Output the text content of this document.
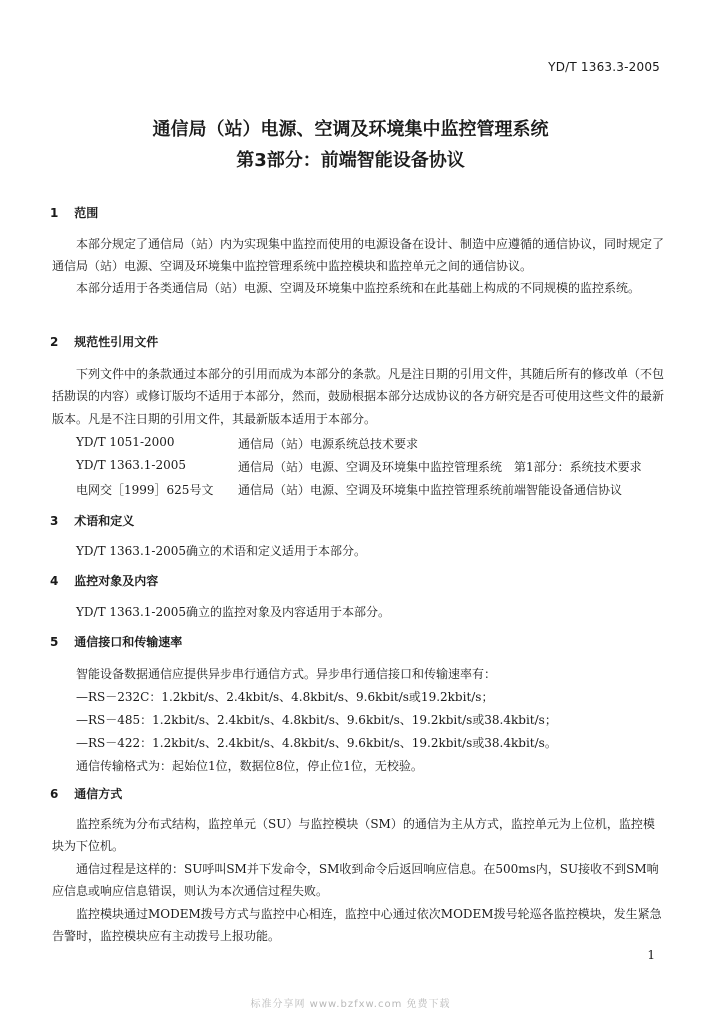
YD/T 1363.3-2005
通信局（站）电源、空调及环境集中监控管理系统
第3部分：前端智能设备协议
1 范围
本部分规定了通信局（站）内为实现集中监控而使用的电源设备在设计、制造中应遵循的通信协议，同时规定了通信局（站）电源、空调及环境集中监控管理系统中监控模块和监控单元之间的通信协议。
本部分适用于各类通信局（站）电源、空调及环境集中监控系统和在此基础上构成的不同规模的监控系统。
2 规范性引用文件
下列文件中的条款通过本部分的引用而成为本部分的条款。凡是注日期的引用文件，其随后所有的修改单（不包括勘误的内容）或修订版均不适用于本部分，然而，鼓励根据本部分达成协议的各方研究是否可使用这些文件的最新版本。凡是不注日期的引用文件，其最新版本适用于本部分。
YD/T 1051-2000	通信局（站）电源系统总技术要求
YD/T 1363.1-2005	通信局（站）电源、空调及环境集中监控管理系统　第1部分：系统技术要求
电网交［1999］625号文 通信局（站）电源、空调及环境集中监控管理系统前端智能设备通信协议
3 术语和定义
YD/T 1363.1-2005确立的术语和定义适用于本部分。
4 监控对象及内容
YD/T 1363.1-2005确立的监控对象及内容适用于本部分。
5 通信接口和传输速率
智能设备数据通信应提供异步串行通信方式。异步串行通信接口和传输速率有：
—RS－232C：1.2kbit/s、2.4kbit/s、4.8kbit/s、9.6kbit/s或19.2kbit/s；
—RS－485：1.2kbit/s、2.4kbit/s、4.8kbit/s、9.6kbit/s、19.2kbit/s或38.4kbit/s；
—RS－422：1.2kbit/s、2.4kbit/s、4.8kbit/s、9.6kbit/s、19.2kbit/s或38.4kbit/s。
通信传输格式为：起始位1位，数据位8位，停止位1位，无校验。
6 通信方式
监控系统为分布式结构，监控单元（SU）与监控模块（SM）的通信为主从方式，监控单元为上位机，监控模块为下位机。
通信过程是这样的：SU呼叫SM并下发命令，SM收到命令后返回响应信息。在500ms内，SU接收不到SM响应信息或响应信息错误，则认为本次通信过程失败。
监控模块通过MODEM拨号方式与监控中心相连，监控中心通过依次MODEM拨号轮巡各监控模块，发生紧急告警时，监控模块应有主动拨号上报功能。
1
标准分享网 www.bzfxw.com 免费下载
